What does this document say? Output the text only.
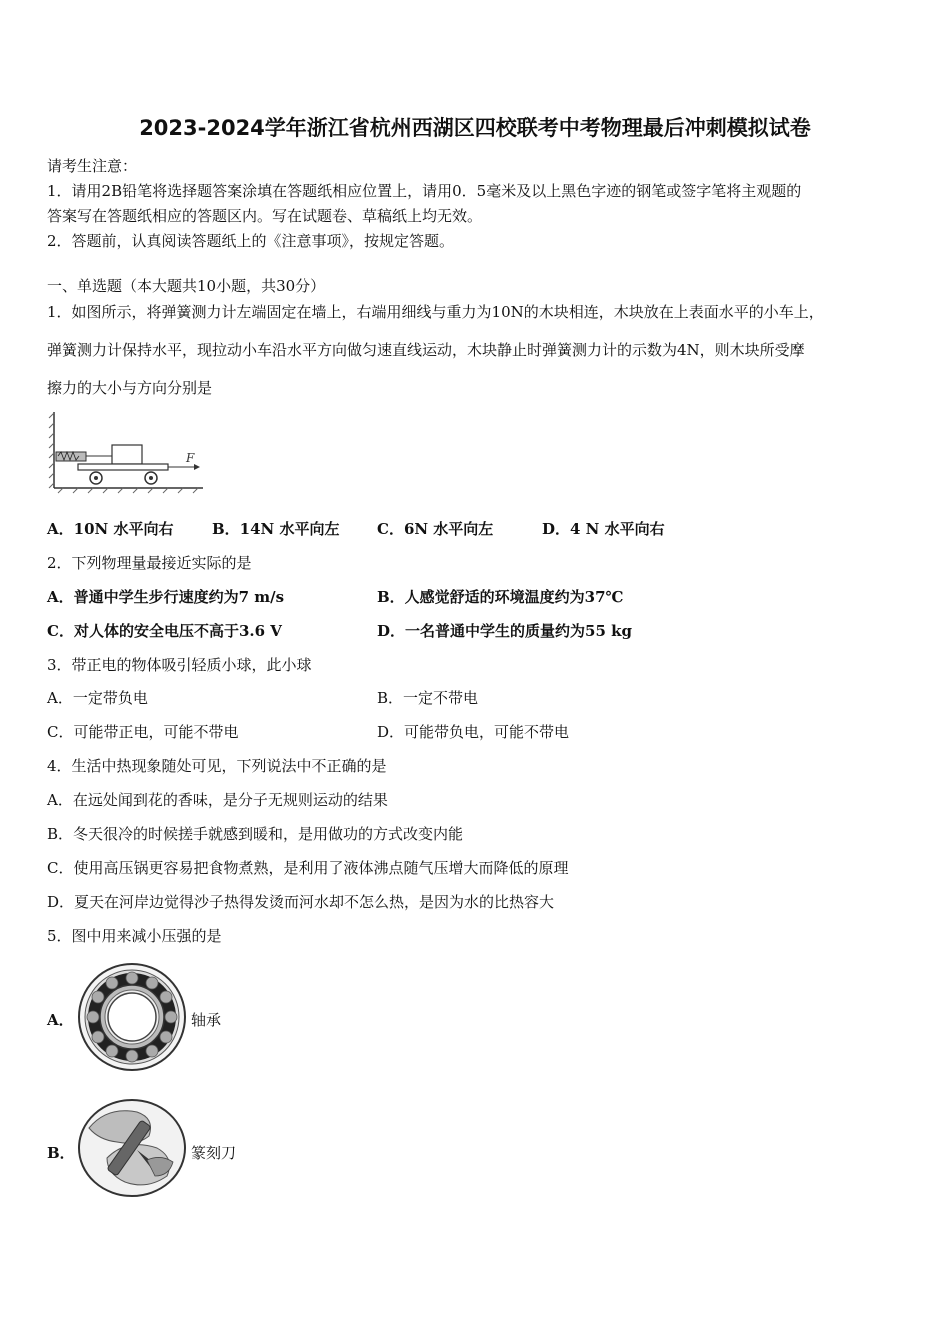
2023-2024学年浙江省杭州西湖区四校联考中考物理最后冲刺模拟试卷
请考生注意：
1．请用2B铅笔将选择题答案涂填在答题纸相应位置上，请用0．5毫米及以上黑色字迹的钢笔或签字笔将主观题的
答案写在答题纸相应的答题区内。写在试题卷、草稿纸上均无效。
2．答题前，认真阅读答题纸上的《注意事项》，按规定答题。
一、单选题（本大题共10小题，共30分）
1．如图所示，将弹簧测力计左端固定在墙上，右端用细线与重力为10N的木块相连，木块放在上表面水平的小车上，
弹簧测力计保持水平，现拉动小车沿水平方向做匀速直线运动，木块静止时弹簧测力计的示数为4N，则木块所受摩
擦力的大小与方向分别是
F
A．10N 水平向右	B．14N 水平向左	C．6N 水平向左	D．4 N 水平向右
2．下列物理量最接近实际的是
A．普通中学生步行速度约为7 m/s	B．人感觉舒适的环境温度约为37℃
C．对人体的安全电压不高于3.6 V	D．一名普通中学生的质量约为55 kg
3．带正电的物体吸引轻质小球，此小球
A．一定带负电	B．一定不带电
C．可能带正电，可能不带电	D．可能带负电，可能不带电
4．生活中热现象随处可见，下列说法中不正确的是
A．在远处闻到花的香味，是分子无规则运动的结果
B．冬天很冷的时候搓手就感到暖和，是用做功的方式改变内能
C．使用高压锅更容易把食物煮熟，是利用了液体沸点随气压增大而降低的原理
D．夏天在河岸边觉得沙子热得发烫而河水却不怎么热，是因为水的比热容大
5．图中用来减小压强的是
A．	轴承
B．	篆刻刀
